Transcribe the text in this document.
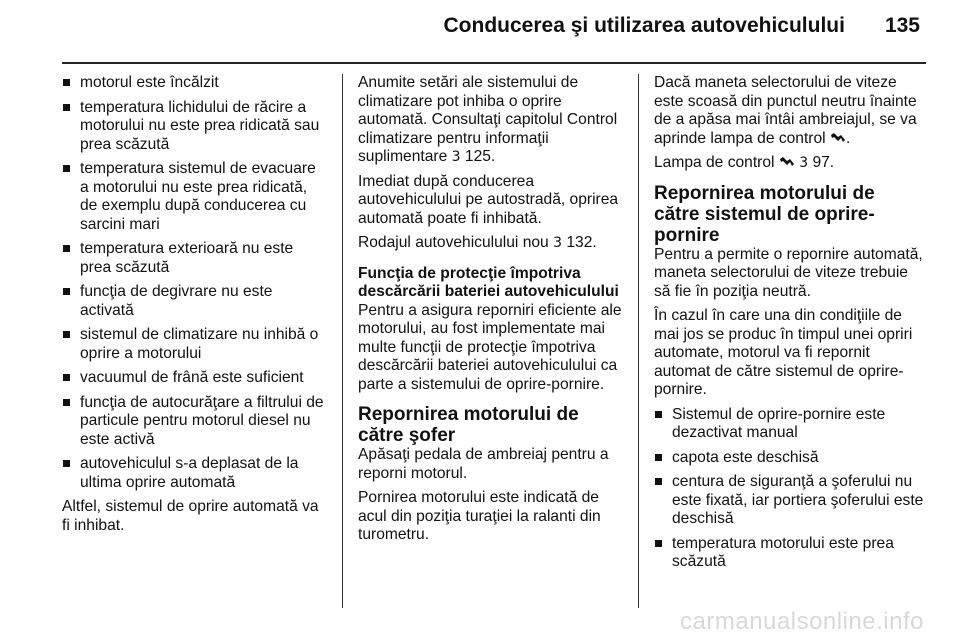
Conducerea şi utilizarea autovehiculului 135
motorul este încălzit
temperatura lichidului de răcire a motorului nu este prea ridicată sau prea scăzută
temperatura sistemul de evacuare a motorului nu este prea ridicată, de exemplu după conducerea cu sarcini mari
temperatura exterioară nu este prea scăzută
funcţia de degivrare nu este activată
sistemul de climatizare nu inhibă o oprire a motorului
vacuumul de frână este suficient
funcţia de autocurăţare a filtrului de particule pentru motorul diesel nu este activă
autovehiculul s-a deplasat de la ultima oprire automată

Altfel, sistemul de oprire automată va fi inhibat.

Anumite setări ale sistemului de climatizare pot inhiba o oprire automată. Consultaţi capitolul Control climatizare pentru informaţii suplimentare 3 125.

Imediat după conducerea autovehiculului pe autostradă, oprirea automată poate fi inhibată.

Rodajul autovehiculului nou 3 132.

Funcţia de protecţie împotriva descărcării bateriei autovehiculului

Pentru a asigura reporniri eficiente ale motorului, au fost implementate mai multe funcţii de protecţie împotriva descărcării bateriei autovehiculului ca parte a sistemului de oprire-pornire.

Repornirea motorului de către şofer

Apăsaţi pedala de ambreiaj pentru a reporni motorul.

Pornirea motorului este indicată de acul din poziţia turaţiei la ralanti din turometru.

Dacă maneta selectorului de viteze este scoasă din punctul neutru înainte de a apăsa mai întâi ambreiajul, se va aprinde lampa de control .

Lampa de control 3 97.

Repornirea motorului de către sistemul de oprire-pornire

Pentru a permite o repornire automată, maneta selectorului de viteze trebuie să fie în poziţia neutră.

În cazul în care una din condiţiile de mai jos se produc în timpul unei opriri automate, motorul va fi repornit automat de către sistemul de oprire-pornire.

Sistemul de oprire-pornire este dezactivat manual
capota este deschisă
centura de siguranţă a şoferului nu este fixată, iar portiera şoferului este deschisă
temperatura motorului este prea scăzută
carmanualsonline.info
